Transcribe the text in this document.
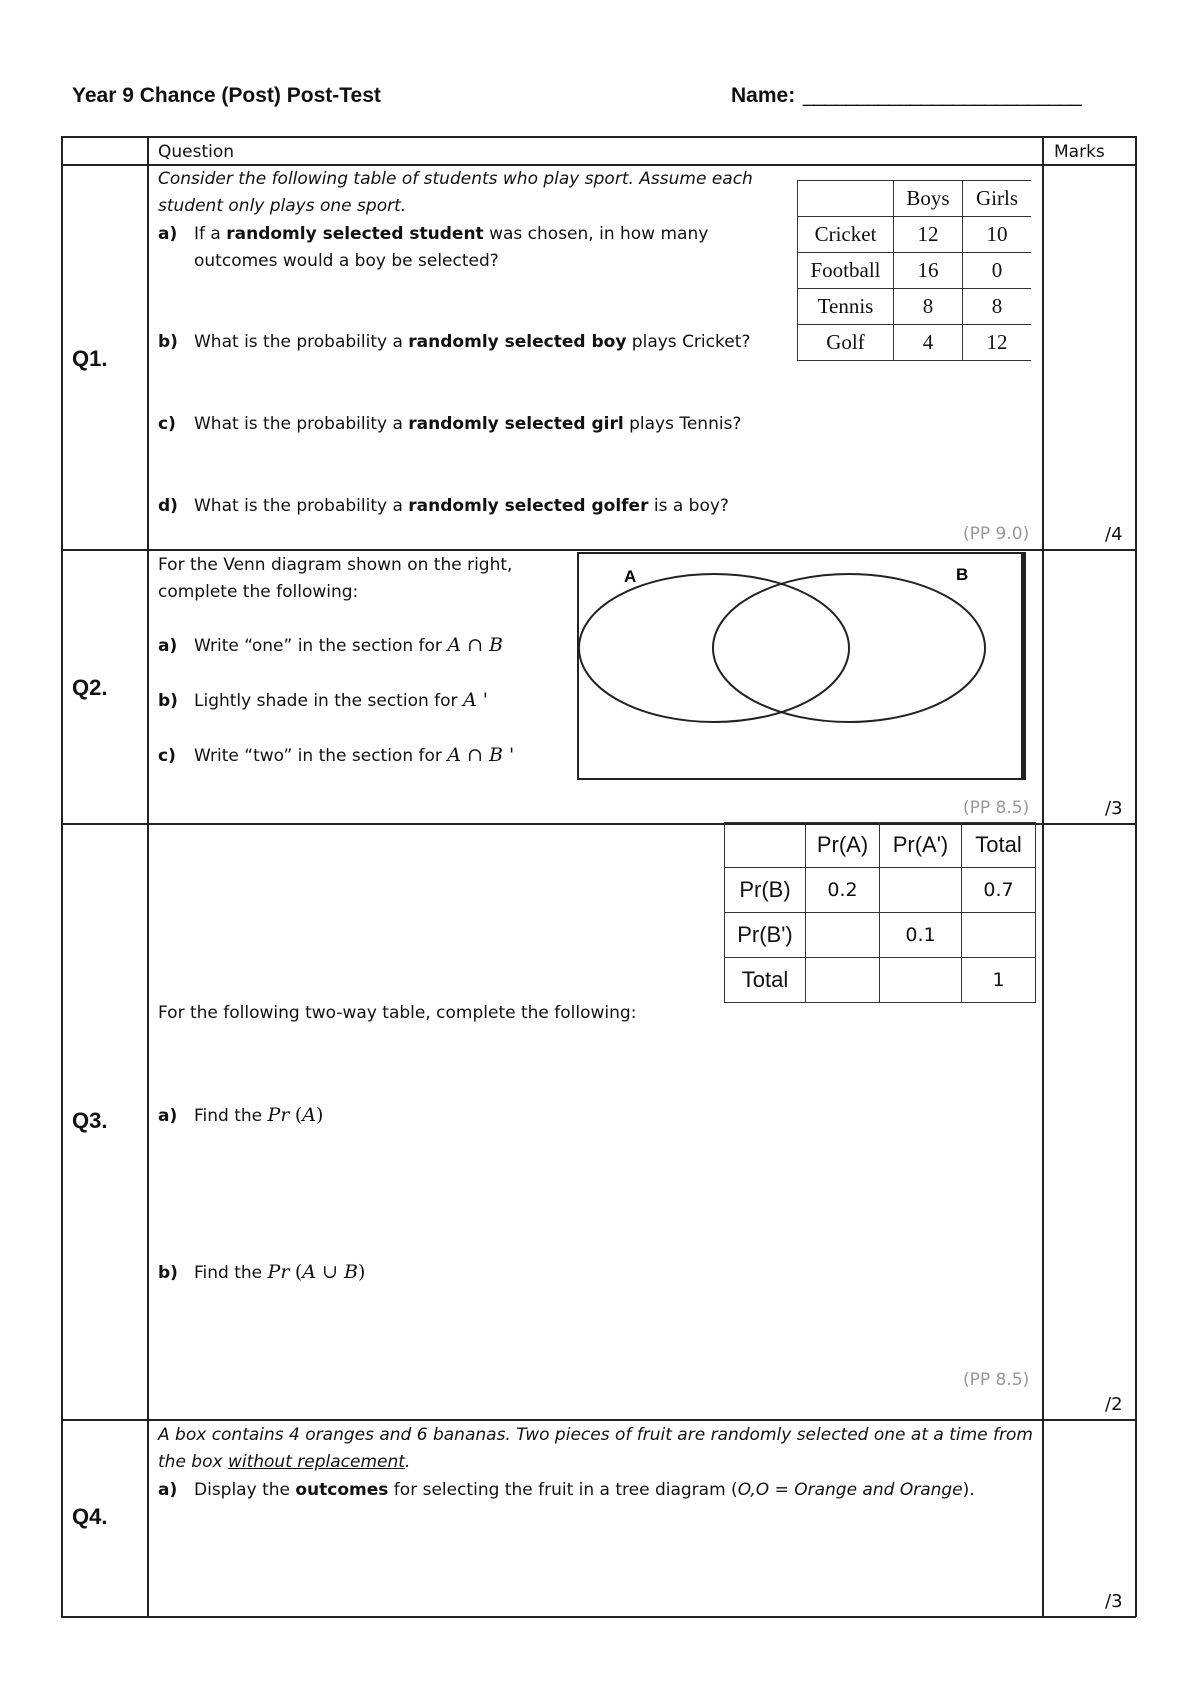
Year 9 Chance (Post) Post-Test	Name: __________________________
Question	Marks
Q1.
Consider the following table of students who play sport. Assume each student only plays one sport.
a) If a randomly selected student was chosen, in how many outcomes would a boy be selected?
b) What is the probability a randomly selected boy plays Cricket?
c) What is the probability a randomly selected girl plays Tennis?
d) What is the probability a randomly selected golfer is a boy?
(PP 9.0)	/4
	Boys	Girls
Cricket	12	10
Football	16	0
Tennis	8	8
Golf	4	12
Q2.
For the Venn diagram shown on the right, complete the following:
a) Write “one” in the section for A ∩ B
b) Lightly shade in the section for A '
c) Write “two” in the section for A ∩ B '
A	B
(PP 8.5)	/3
Q3.
	Pr(A)	Pr(A')	Total
Pr(B)	0.2		0.7
Pr(B')		0.1	
Total			1
For the following two-way table, complete the following:
a) Find the Pr (A)
b) Find the Pr (A ∪ B)
(PP 8.5)
/2
Q4.
A box contains 4 oranges and 6 bananas. Two pieces of fruit are randomly selected one at a time from the box without replacement.
a) Display the outcomes for selecting the fruit in a tree diagram (O,O = Orange and Orange).
/3
